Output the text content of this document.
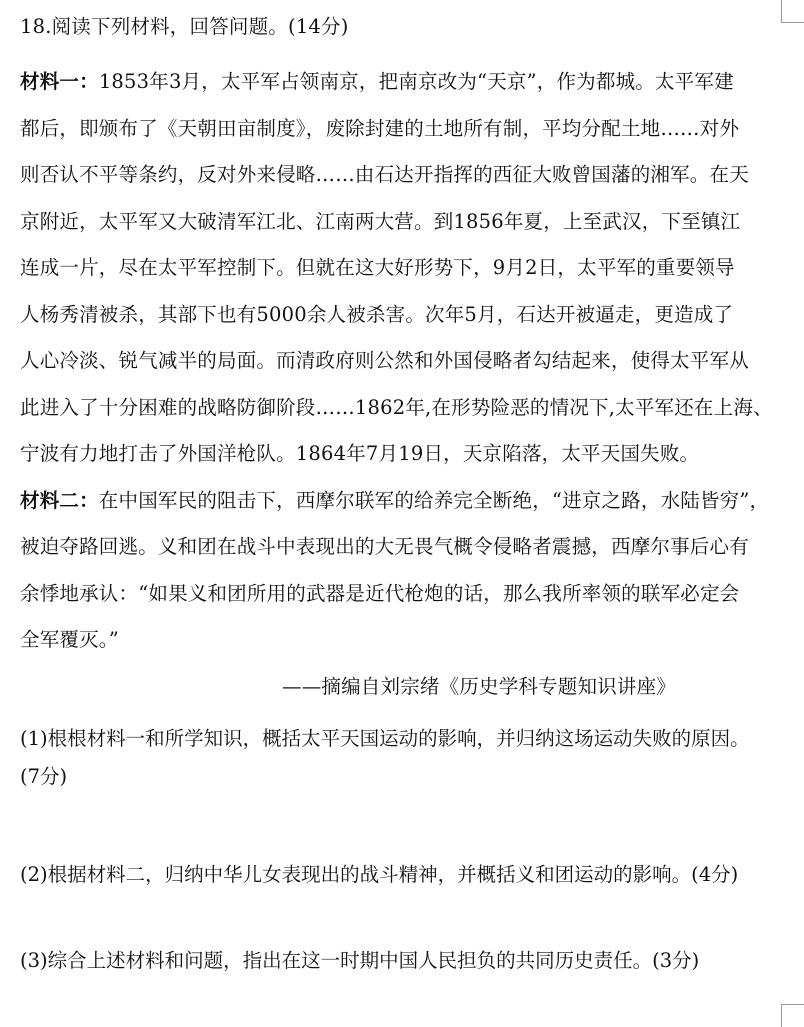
18.阅读下列材料，回答问题。(14分)
材料一：1853年3月，太平军占领南京，把南京改为“天京”，作为都城。太平军建
都后，即颁布了《天朝田亩制度》，废除封建的土地所有制，平均分配土地……对外
则否认不平等条约，反对外来侵略……由石达开指挥的西征大败曾国藩的湘军。在天
京附近，太平军又大破清军江北、江南两大营。到1856年夏，上至武汉，下至镇江
连成一片，尽在太平军控制下。但就在这大好形势下，9月2日，太平军的重要领导
人杨秀清被杀，其部下也有5000余人被杀害。次年5月，石达开被逼走，更造成了
人心冷淡、锐气减半的局面。而清政府则公然和外国侵略者勾结起来，使得太平军从
此进入了十分困难的战略防御阶段……1862年,在形势险恶的情况下,太平军还在上海、
宁波有力地打击了外国洋枪队。1864年7月19日，天京陷落，太平天国失败。
材料二：在中国军民的阻击下，西摩尔联军的给养完全断绝，“进京之路，水陆皆穷”，
被迫夺路回逃。义和团在战斗中表现出的大无畏气概令侵略者震撼，西摩尔事后心有
余悸地承认：“如果义和团所用的武器是近代枪炮的话，那么我所率领的联军必定会
全军覆灭。”
——摘编自刘宗绪《历史学科专题知识讲座》
(1)根根材料一和所学知识，概括太平天国运动的影响，并归纳这场运动失败的原因。
(7分)
(2)根据材料二，归纳中华儿女表现出的战斗精神，并概括义和团运动的影响。(4分)
(3)综合上述材料和问题，指出在这一时期中国人民担负的共同历史责任。(3分)
